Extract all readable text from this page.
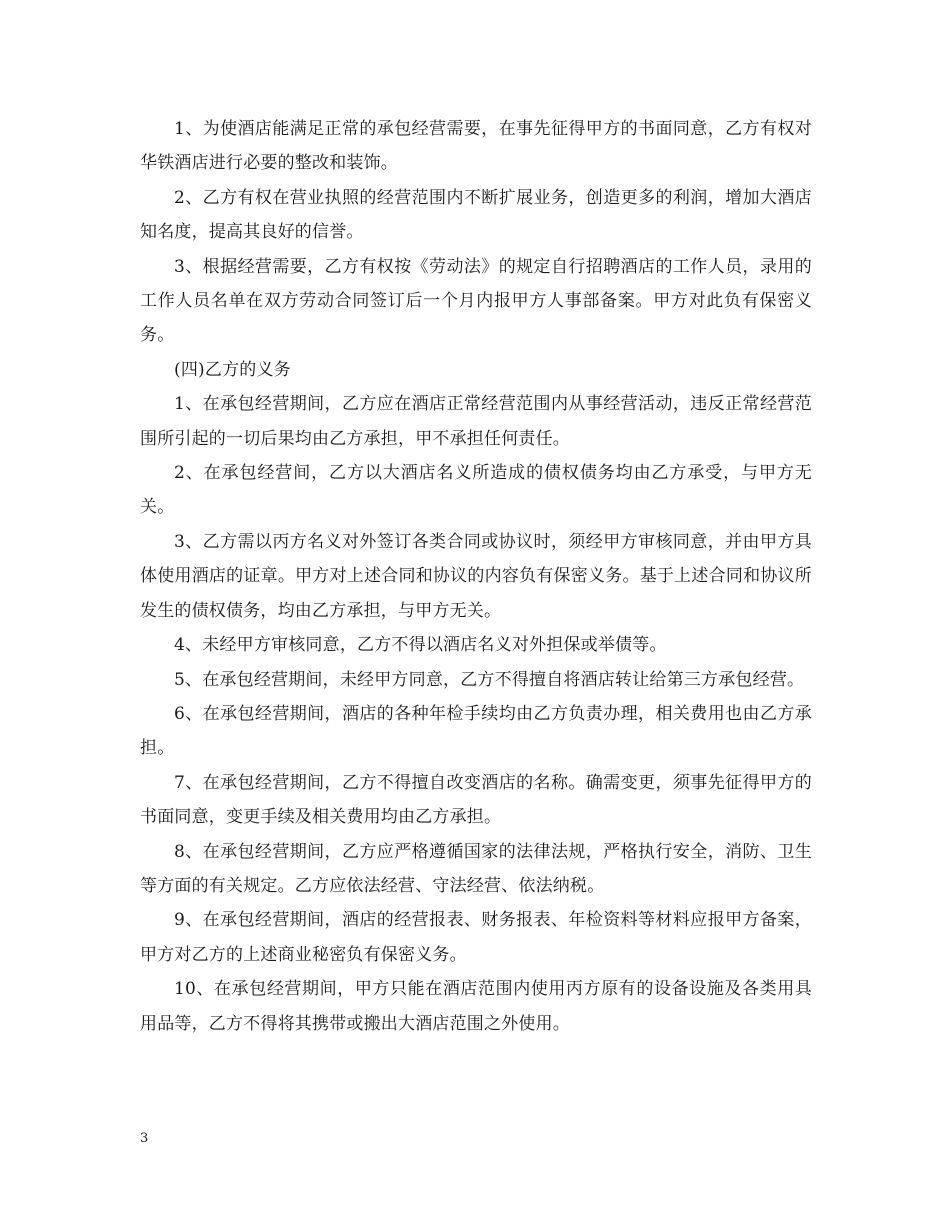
1、为使酒店能满足正常的承包经营需要，在事先征得甲方的书面同意，乙方有权对华铁酒店进行必要的整改和装饰。

2、乙方有权在营业执照的经营范围内不断扩展业务，创造更多的利润，增加大酒店知名度，提高其良好的信誉。

3、根据经营需要，乙方有权按《劳动法》的规定自行招聘酒店的工作人员，录用的工作人员名单在双方劳动合同签订后一个月内报甲方人事部备案。甲方对此负有保密义务。

(四)乙方的义务

1、在承包经营期间，乙方应在酒店正常经营范围内从事经营活动，违反正常经营范围所引起的一切后果均由乙方承担，甲不承担任何责任。

2、在承包经营间，乙方以大酒店名义所造成的债权债务均由乙方承受，与甲方无关。

3、乙方需以丙方名义对外签订各类合同或协议时，须经甲方审核同意，并由甲方具体使用酒店的证章。甲方对上述合同和协议的内容负有保密义务。基于上述合同和协议所发生的债权债务，均由乙方承担，与甲方无关。

4、未经甲方审核同意，乙方不得以酒店名义对外担保或举债等。

5、在承包经营期间，未经甲方同意，乙方不得擅自将酒店转让给第三方承包经营。

6、在承包经营期间，酒店的各种年检手续均由乙方负责办理，相关费用也由乙方承担。

7、在承包经营期间，乙方不得擅自改变酒店的名称。确需变更，须事先征得甲方的书面同意，变更手续及相关费用均由乙方承担。

8、在承包经营期间，乙方应严格遵循国家的法律法规，严格执行安全，消防、卫生等方面的有关规定。乙方应依法经营、守法经营、依法纳税。

9、在承包经营期间，酒店的经营报表、财务报表、年检资料等材料应报甲方备案，甲方对乙方的上述商业秘密负有保密义务。

10、在承包经营期间，甲方只能在酒店范围内使用丙方原有的设备设施及各类用具用品等，乙方不得将其携带或搬出大酒店范围之外使用。

3
